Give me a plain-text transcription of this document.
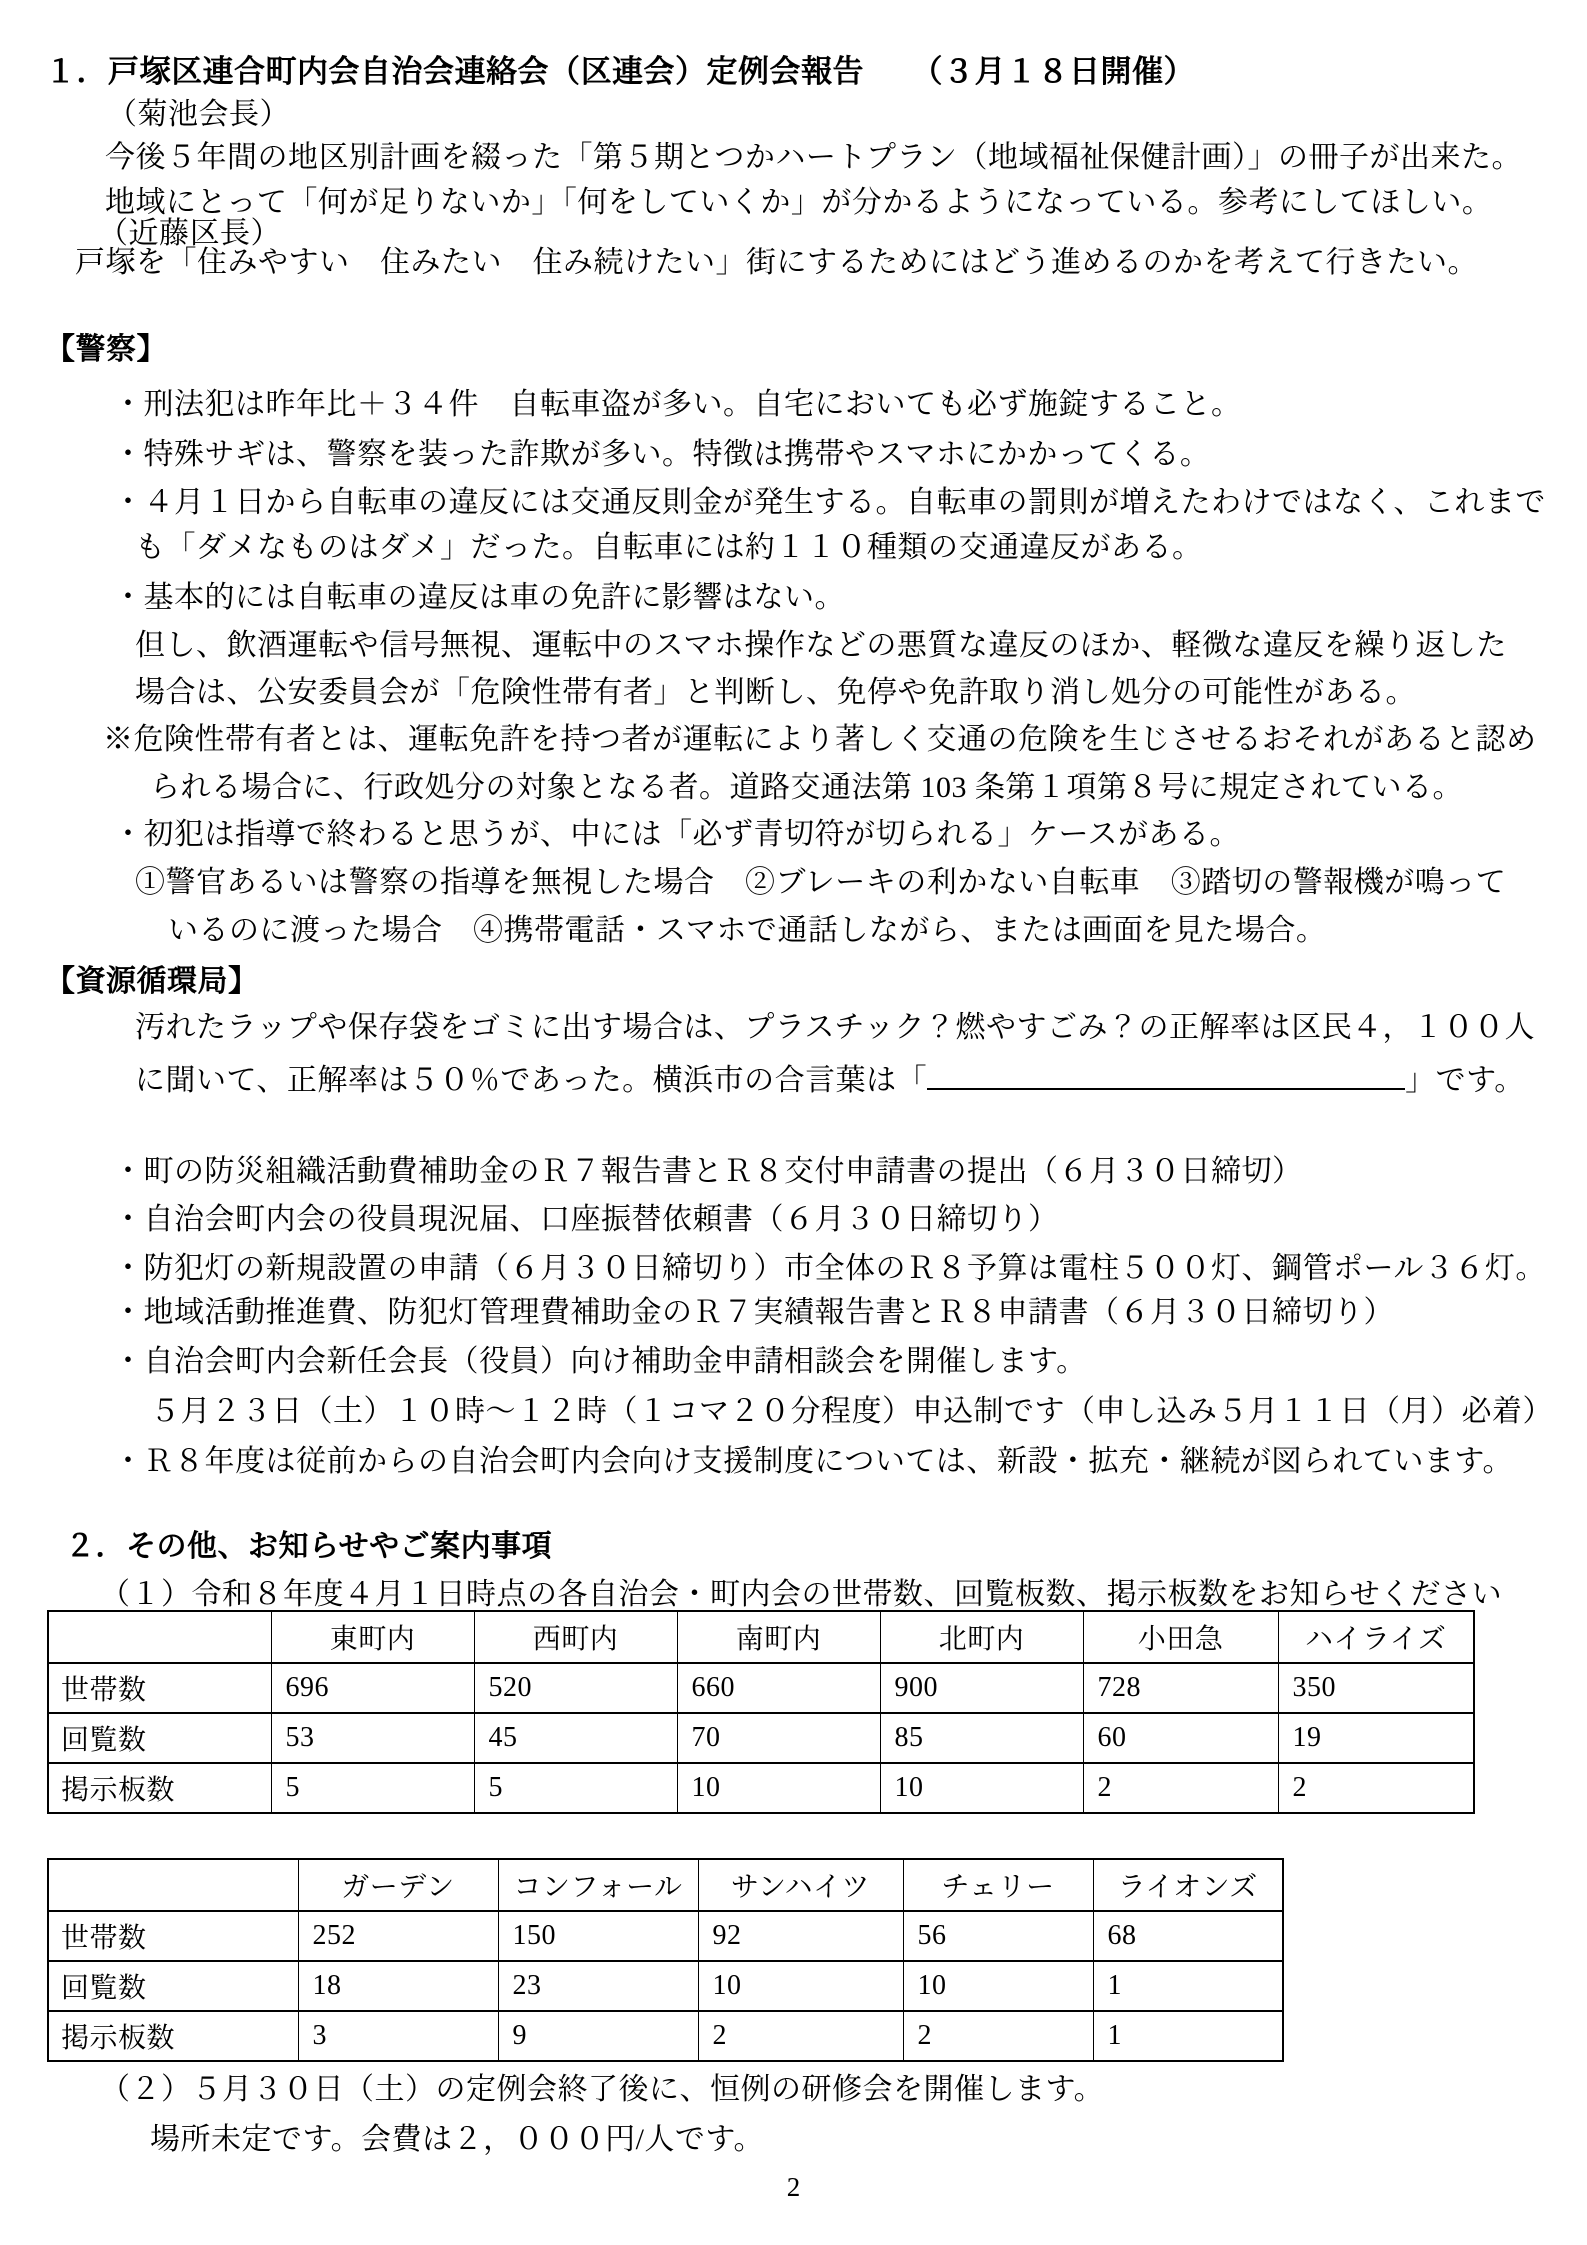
１．戸塚区連合町内会自治会連絡会（区連会）定例会報告　　（３月１８日開催）
（菊池会長）
今後５年間の地区別計画を綴った「第５期とつかハートプラン（地域福祉保健計画）」の冊子が出来た。
地域にとって「何が足りないか」「何をしていくか」が分かるようになっている。参考にしてほしい。
（近藤区長）
戸塚を「住みやすい　住みたい　住み続けたい」街にするためにはどう進めるのかを考えて行きたい。
【警察】
・刑法犯は昨年比＋３４件　自転車盗が多い。自宅においても必ず施錠すること。
・特殊サギは、警察を装った詐欺が多い。特徴は携帯やスマホにかかってくる。
・４月１日から自転車の違反には交通反則金が発生する。自転車の罰則が増えたわけではなく、これまで
も「ダメなものはダメ」だった。自転車には約１１０種類の交通違反がある。
・基本的には自転車の違反は車の免許に影響はない。
但し、飲酒運転や信号無視、運転中のスマホ操作などの悪質な違反のほか、軽微な違反を繰り返した
場合は、公安委員会が「危険性帯有者」と判断し、免停や免許取り消し処分の可能性がある。
※危険性帯有者とは、運転免許を持つ者が運転により著しく交通の危険を生じさせるおそれがあると認め
られる場合に、行政処分の対象となる者。道路交通法第 103 条第１項第８号に規定されている。
・初犯は指導で終わると思うが、中には「必ず青切符が切られる」ケースがある。
①警官あるいは警察の指導を無視した場合　②ブレーキの利かない自転車　③踏切の警報機が鳴って
いるのに渡った場合　④携帯電話・スマホで通話しながら、または画面を見た場合。
【資源循環局】
汚れたラップや保存袋をゴミに出す場合は、プラスチック？燃やすごみ？の正解率は区民４，１００人
に聞いて、正解率は５０％であった。横浜市の合言葉は「	」です。
・町の防災組織活動費補助金のＲ７報告書とＲ８交付申請書の提出（６月３０日締切）
・自治会町内会の役員現況届、口座振替依頼書（６月３０日締切り）
・防犯灯の新規設置の申請（６月３０日締切り）市全体のＲ８予算は電柱５００灯、鋼管ポール３６灯。
・地域活動推進費、防犯灯管理費補助金のＲ７実績報告書とＲ８申請書（６月３０日締切り）
・自治会町内会新任会長（役員）向け補助金申請相談会を開催します。
５月２３日（土）１０時～１２時（１コマ２０分程度）申込制です（申し込み５月１１日（月）必着）
・Ｒ８年度は従前からの自治会町内会向け支援制度については、新設・拡充・継続が図られています。
２．その他、お知らせやご案内事項
（１）令和８年度４月１日時点の各自治会・町内会の世帯数、回覧板数、掲示板数をお知らせください
	東町内	西町内	南町内	北町内	小田急	ハイライズ
世帯数	696	520	660	900	728	350
回覧数	53	45	70	85	60	19
掲示板数	5	5	10	10	2	2
	ガーデン	コンフォール	サンハイツ	チェリー	ライオンズ
世帯数	252	150	92	56	68
回覧数	18	23	10	10	1
掲示板数	3	9	2	2	1
（２）５月３０日（土）の定例会終了後に、恒例の研修会を開催します。
場所未定です。会費は２，０００円/人です。
2
